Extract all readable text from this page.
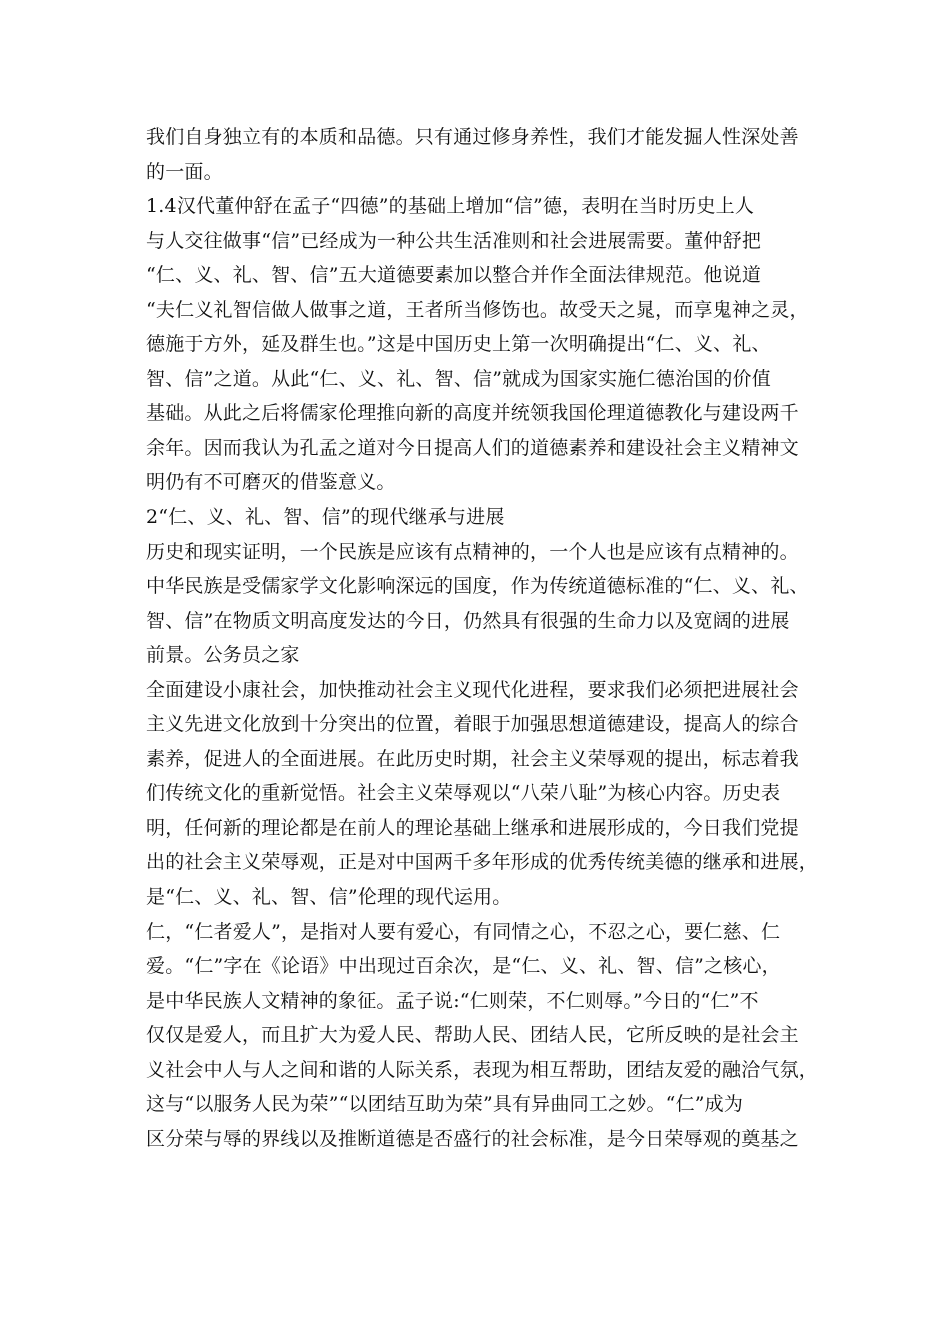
我们自身独立有的本质和品德。只有通过修身养性，我们才能发掘人性深处善
的一面。
1.4汉代董仲舒在孟子“四德”的基础上增加“信”德，表明在当时历史上人
与人交往做事“信”已经成为一种公共生活准则和社会进展需要。董仲舒把
“仁、义、礼、智、信”五大道德要素加以整合并作全面法律规范。他说道
“夫仁义礼智信做人做事之道，王者所当修饬也。故受天之晁，而享鬼神之灵，
德施于方外，延及群生也。”这是中国历史上第一次明确提出“仁、义、礼、
智、信”之道。从此“仁、义、礼、智、信”就成为国家实施仁德治国的价值
基础。从此之后将儒家伦理推向新的高度并统领我国伦理道德教化与建设两千
余年。因而我认为孔孟之道对今日提高人们的道德素养和建设社会主义精神文
明仍有不可磨灭的借鉴意义。
2“仁、义、礼、智、信”的现代继承与进展
历史和现实证明，一个民族是应该有点精神的，一个人也是应该有点精神的。
中华民族是受儒家学文化影响深远的国度，作为传统道德标准的“仁、义、礼、
智、信”在物质文明高度发达的今日，仍然具有很强的生命力以及宽阔的进展
前景。公务员之家
全面建设小康社会，加快推动社会主义现代化进程，要求我们必须把进展社会
主义先进文化放到十分突出的位置，着眼于加强思想道德建设，提高人的综合
素养，促进人的全面进展。在此历史时期，社会主义荣辱观的提出，标志着我
们传统文化的重新觉悟。社会主义荣辱观以“八荣八耻”为核心内容。历史表
明，任何新的理论都是在前人的理论基础上继承和进展形成的，今日我们党提
出的社会主义荣辱观，正是对中国两千多年形成的优秀传统美德的继承和进展，
是“仁、义、礼、智、信”伦理的现代运用。
仁，“仁者爱人”，是指对人要有爱心，有同情之心，不忍之心，要仁慈、仁
爱。“仁”字在《论语》中出现过百余次，是“仁、义、礼、智、信”之核心，
是中华民族人文精神的象征。孟子说:“仁则荣，不仁则辱。”今日的“仁”不
仅仅是爱人，而且扩大为爱人民、帮助人民、团结人民，它所反映的是社会主
义社会中人与人之间和谐的人际关系，表现为相互帮助，团结友爱的融洽气氛，
这与“以服务人民为荣”“以团结互助为荣”具有异曲同工之妙。“仁”成为
区分荣与辱的界线以及推断道德是否盛行的社会标准，是今日荣辱观的奠基之
